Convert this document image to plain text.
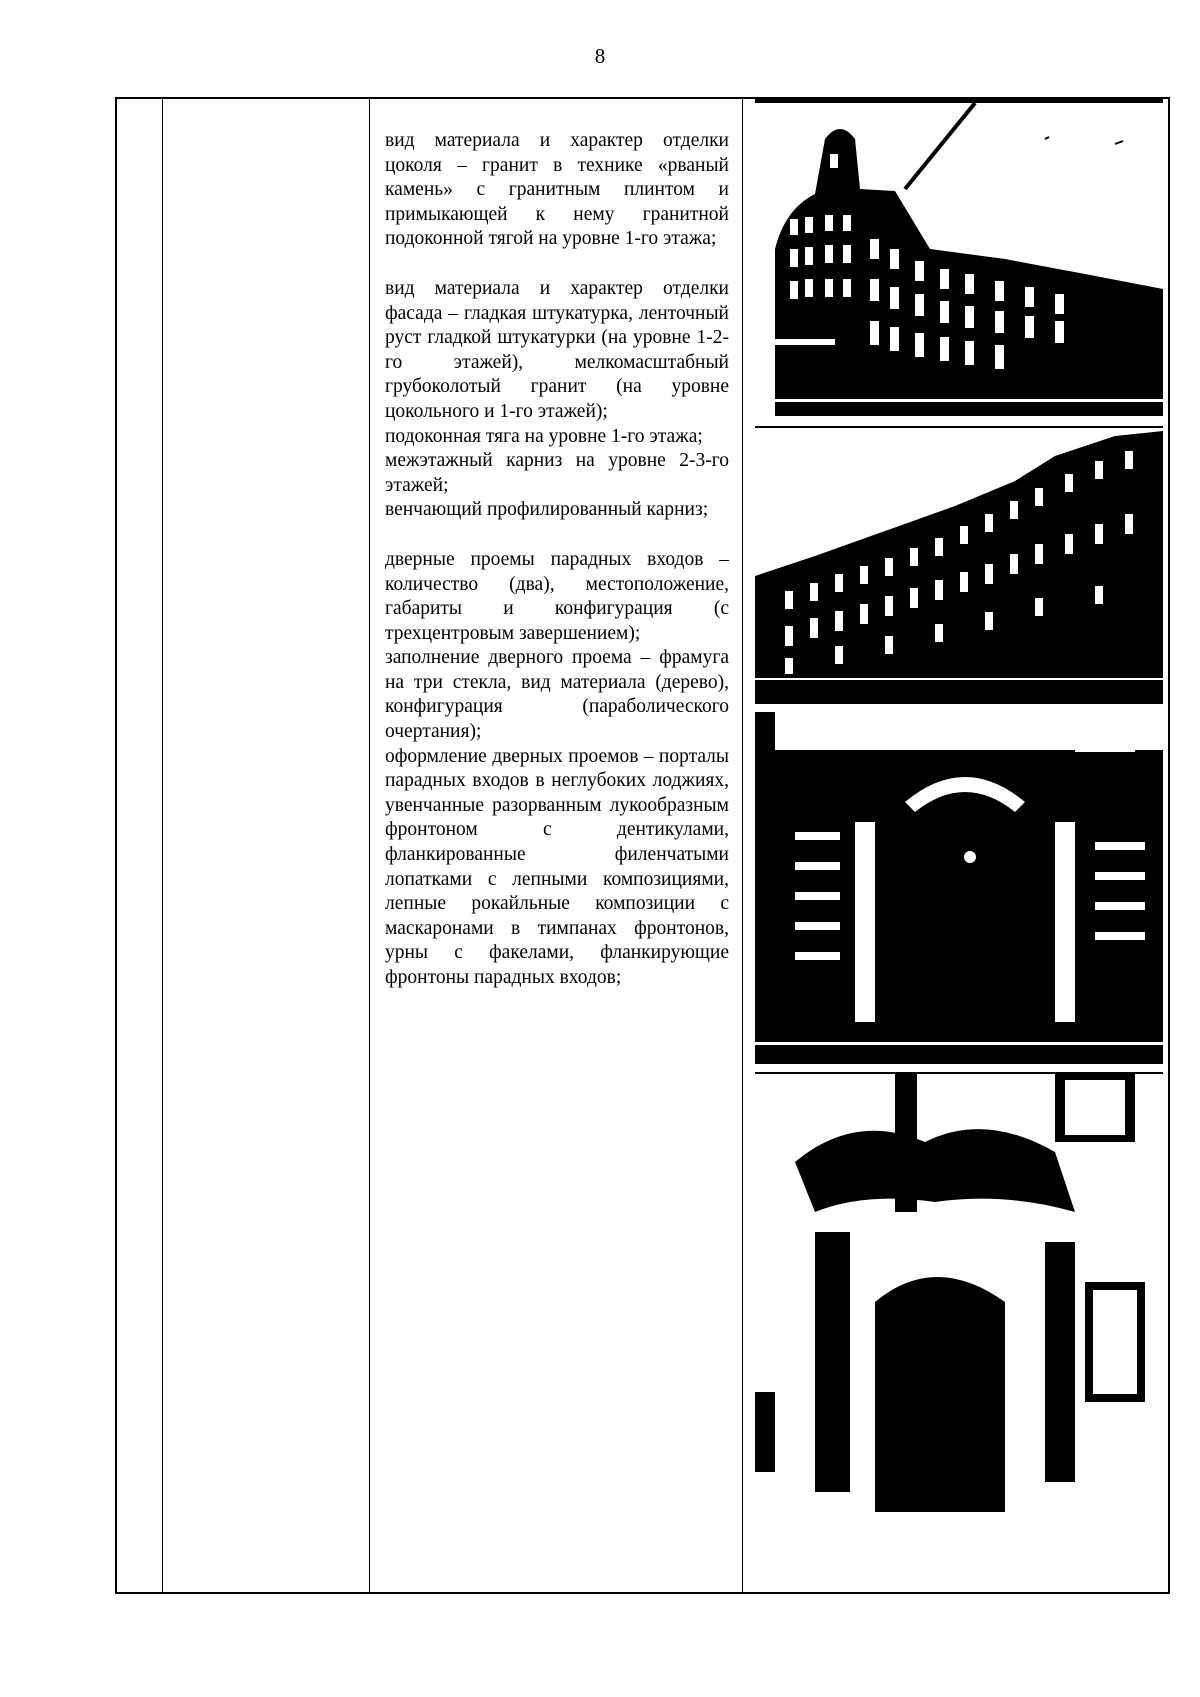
8

вид материала и характер отделки цоколя – гранит в технике «рваный камень» с гранитным плинтом и примыкающей к нему гранитной подоконной тягой на уровне 1-го этажа;

вид материала и характер отделки фасада – гладкая штукатурка, ленточный руст гладкой штукатурки (на уровне 1-2-го этажей), мелкомасштабный грубоколотый гранит (на уровне цокольного и 1-го этажей);

подоконная тяга на уровне 1-го этажа;

межэтажный карниз на уровне 2-3-го этажей;

венчающий профилированный карниз;

дверные проемы парадных входов – количество (два), местоположение, габариты и конфигурация (с трехцентровым завершением);

заполнение дверного проема – фрамуга на три стекла, вид материала (дерево), конфигурация (параболического очертания);

оформление дверных проемов – порталы парадных входов в неглубоких лоджиях, увенчанные разорванным лукообразным фронтоном с дентикулами, фланкированные филенчатыми лопатками с лепными композициями, лепные рокайльные композиции с маскаронами в тимпанах фронтонов, урны с факелами, фланкирующие фронтоны парадных входов;
